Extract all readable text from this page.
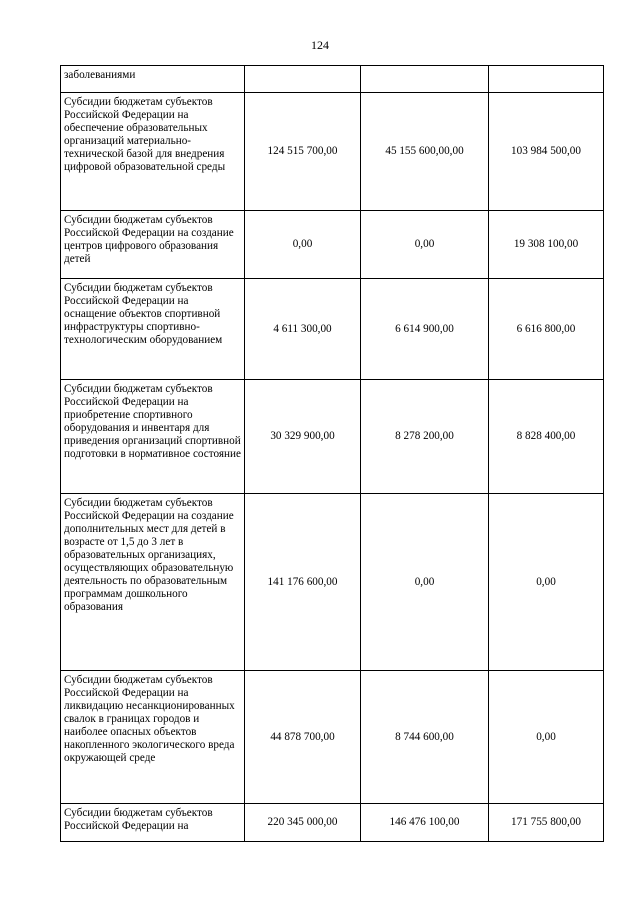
124
заболеваниями			
Субсидии бюджетам субъектов Российской Федерации на обеспечение образовательных организаций материально-технической базой для внедрения цифровой образовательной среды	124 515 700,00	45 155 600,00,00	103 984 500,00
Субсидии бюджетам субъектов Российской Федерации на создание центров цифрового образования детей	0,00	0,00	19 308 100,00
Субсидии бюджетам субъектов Российской Федерации на оснащение объектов спортивной инфраструктуры спортивно-технологическим оборудованием	4 611 300,00	6 614 900,00	6 616 800,00
Субсидии бюджетам субъектов Российской Федерации на приобретение спортивного оборудования и инвентаря для приведения организаций спортивной подготовки в нормативное состояние	30 329 900,00	8 278 200,00	8 828 400,00
Субсидии бюджетам субъектов Российской Федерации на создание дополнительных мест для детей в возрасте от 1,5 до 3 лет в образовательных организациях, осуществляющих образовательную деятельность по образовательным программам дошкольного образования	141 176 600,00	0,00	0,00
Субсидии бюджетам субъектов Российской Федерации на ликвидацию несанкционированных свалок в границах городов и наиболее опасных объектов накопленного экологического вреда окружающей среде	44 878 700,00	8 744 600,00	0,00
Субсидии бюджетам субъектов Российской Федерации на	220 345 000,00	146 476 100,00	171 755 800,00
